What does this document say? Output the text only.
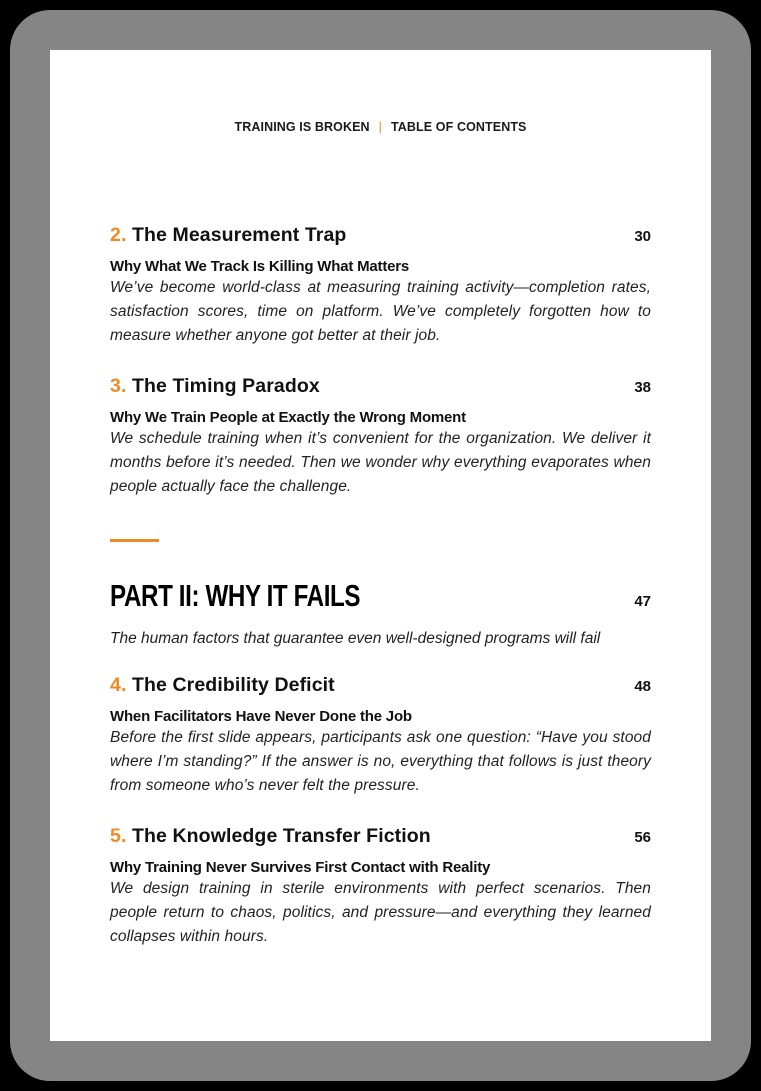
TRAINING IS BROKEN | TABLE OF CONTENTS
2. The Measurement Trap	30
Why What We Track Is Killing What Matters
We’ve become world-class at measuring training activity—completion rates, satisfaction scores, time on platform. We’ve completely forgotten how to measure whether anyone got better at their job.
3. The Timing Paradox	38
Why We Train People at Exactly the Wrong Moment
We schedule training when it’s convenient for the organization. We deliver it months before it’s needed. Then we wonder why everything evaporates when people actually face the challenge.
PART II: WHY IT FAILS	47
The human factors that guarantee even well-designed programs will fail
4. The Credibility Deficit	48
When Facilitators Have Never Done the Job
Before the first slide appears, participants ask one question: “Have you stood where I’m standing?” If the answer is no, everything that follows is just theory from someone who’s never felt the pressure.
5. The Knowledge Transfer Fiction	56
Why Training Never Survives First Contact with Reality
We design training in sterile environments with perfect scenarios. Then people return to chaos, politics, and pressure—and everything they learned collapses within hours.
